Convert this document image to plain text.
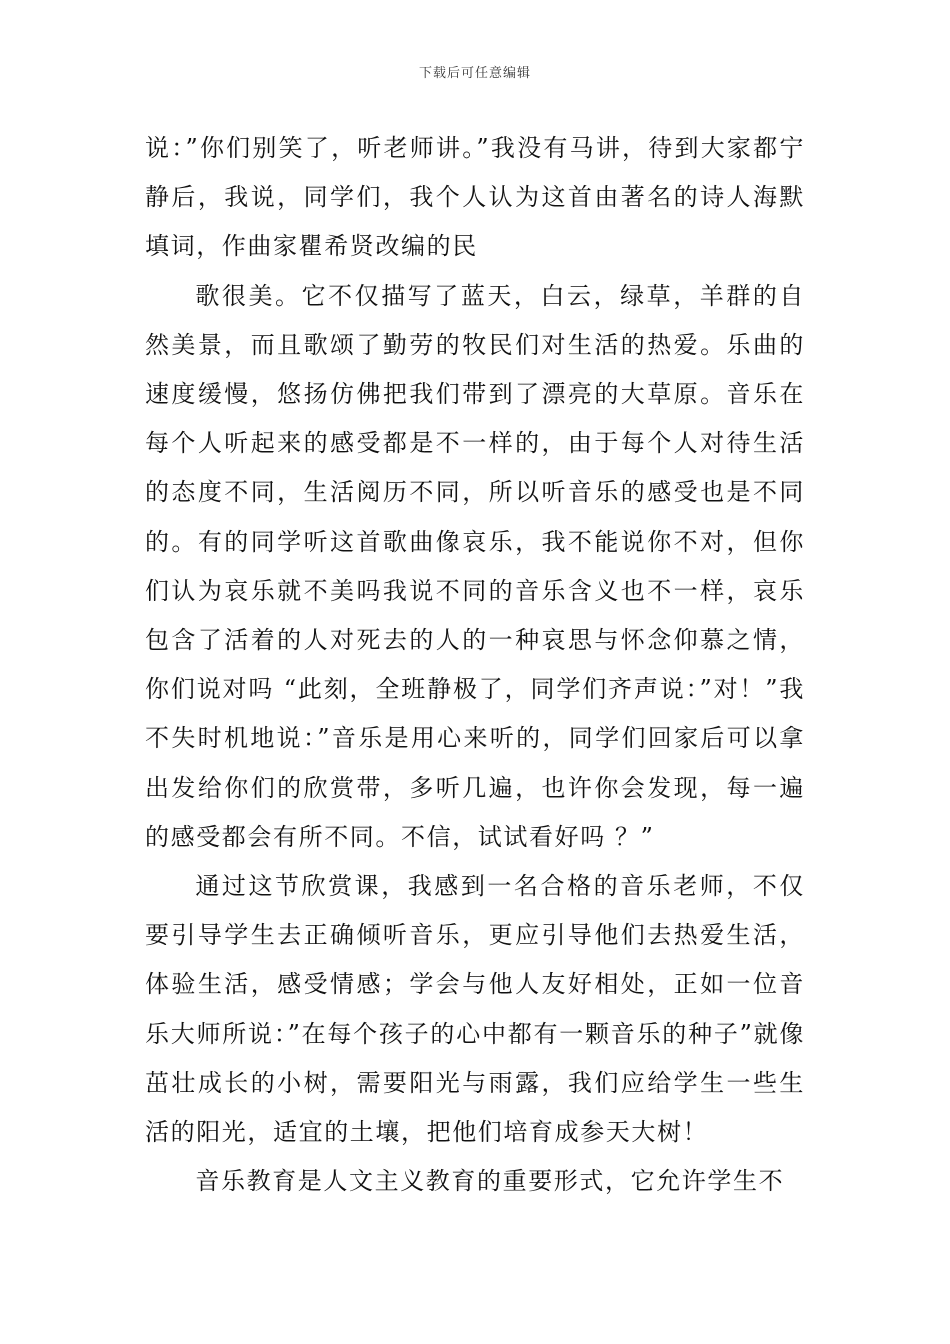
下载后可任意编辑

说：”你们别笑了，听老师讲。”我没有马讲，待到大家都宁静后，我说，同学们，我个人认为这首由著名的诗人海默填词，作曲家瞿希贤改编的民

歌很美。它不仅描写了蓝天，白云，绿草，羊群的自然美景，而且歌颂了勤劳的牧民们对生活的热爱。乐曲的速度缓慢，悠扬仿佛把我们带到了漂亮的大草原。音乐在每个人听起来的感受都是不一样的，由于每个人对待生活的态度不同，生活阅历不同，所以听音乐的感受也是不同的。有的同学听这首歌曲像哀乐，我不能说你不对，但你们认为哀乐就不美吗我说不同的音乐含义也不一样，哀乐包含了活着的人对死去的人的一种哀思与怀念仰慕之情，你们说对吗 “此刻，全班静极了，同学们齐声说：”对！”我不失时机地说：”音乐是用心来听的，同学们回家后可以拿出发给你们的欣赏带，多听几遍，也许你会发现，每一遍的感受都会有所不同。不信，试试看好吗 ？”

通过这节欣赏课，我感到一名合格的音乐老师，不仅要引导学生去正确倾听音乐，更应引导他们去热爱生活，体验生活，感受情感；学会与他人友好相处，正如一位音乐大师所说：”在每个孩子的心中都有一颗音乐的种子”就像茁壮成长的小树，需要阳光与雨露，我们应给学生一些生活的阳光，适宜的土壤，把他们培育成参天大树！

音乐教育是人文主义教育的重要形式，它允许学生不
